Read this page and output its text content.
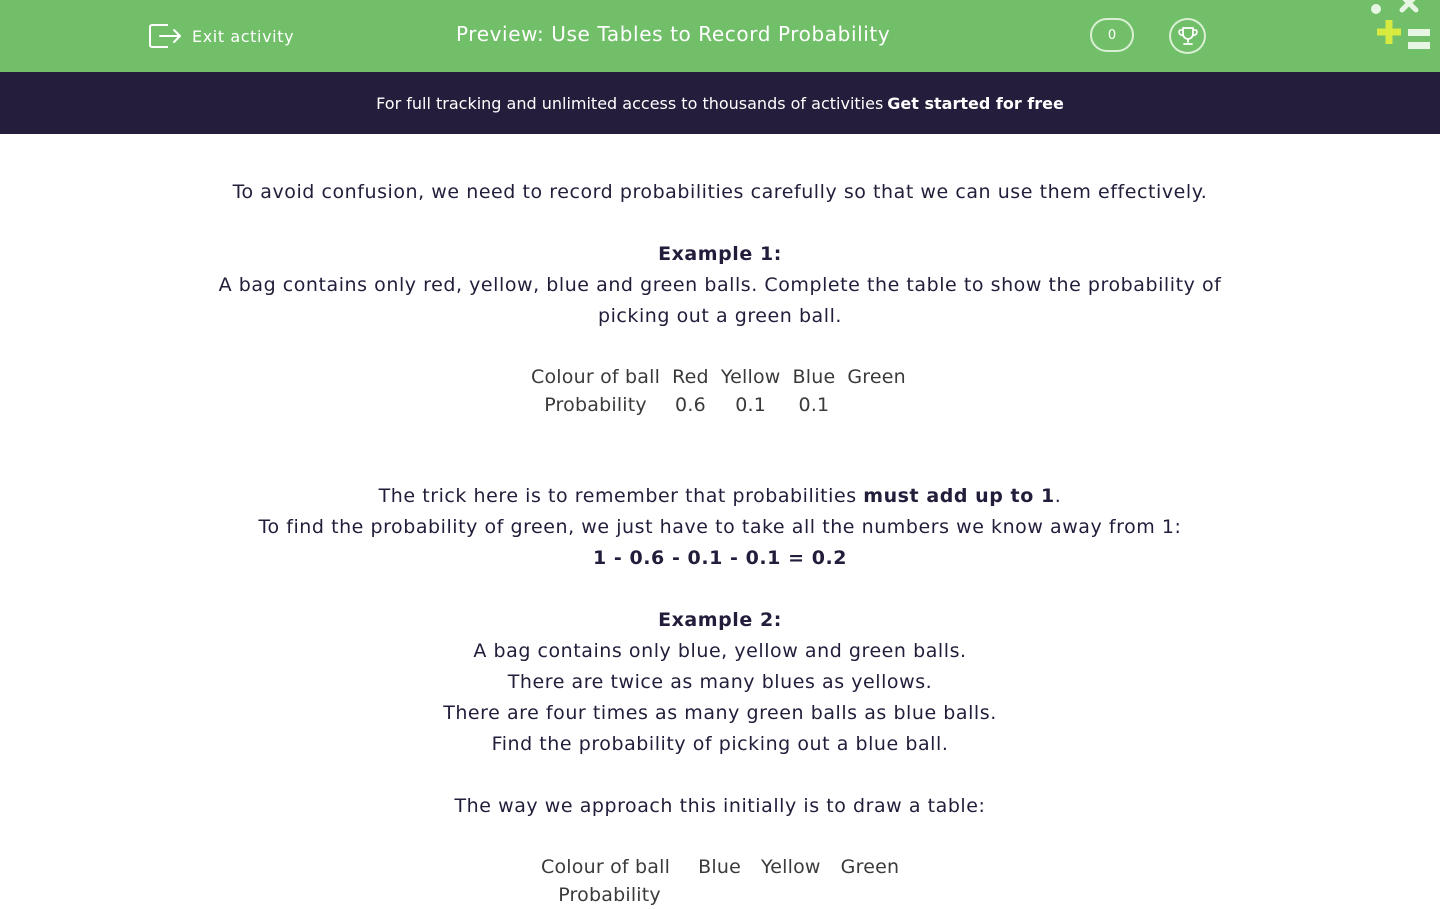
Exit activity	Preview: Use Tables to Record Probability	0
For full tracking and unlimited access to thousands of activities Get started for free

To avoid confusion, we need to record probabilities carefully so that we can use them effectively.

Example 1:

A bag contains only red, yellow, blue and green balls. Complete the table to show the probability of picking out a green ball.

Colour of ball	Red	Yellow	Blue	Green
Probability	0.6	0.1	0.1	

The trick here is to remember that probabilities must add up to 1.

To find the probability of green, we just have to take all the numbers we know away from 1:

1 - 0.6 - 0.1 - 0.1 = 0.2

Example 2:

A bag contains only blue, yellow and green balls.

There are twice as many blues as yellows.

There are four times as many green balls as blue balls.

Find the probability of picking out a blue ball.

The way we approach this initially is to draw a table:

Colour of ball	Blue	Yellow	Green
Probability			
